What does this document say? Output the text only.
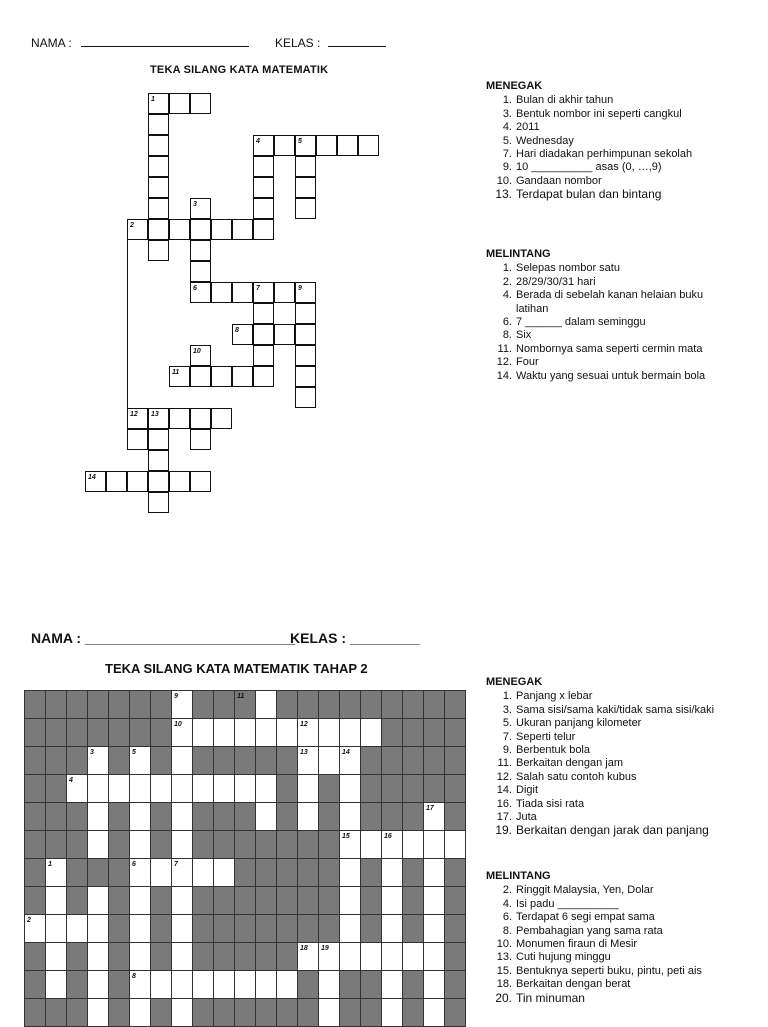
NAMA :	KELAS :
TEKA SILANG KATA MATEMATIK
1
4	5
3
2
6	7	9
8
10
11
12 13
14
MENEGAK
1. Bulan di akhir tahun
3. Bentuk nombor ini seperti cangkul
4. 2011
5. Wednesday
7. Hari diadakan perhimpunan sekolah
9. 10 __________ asas (0, …,9)
10. Gandaan nombor
13. Terdapat bulan dan bintang
MELINTANG
1. Selepas nombor satu
2. 28/29/30/31 hari
4. Berada di sebelah kanan helaian buku latihan
6. 7 ______ dalam seminggu
8. Six
11. Nombornya sama seperti cermin mata
12. Four
14. Waktu yang sesuai untuk bermain bola
NAMA : ___________________________
KELAS : _________
TEKA SILANG KATA MATEMATIK TAHAP 2
9	11
10	12
3	5	13	14
4
17
15	16
1	6	7
2
18 19
8
MENEGAK
1. Panjang x lebar
3. Sama sisi/sama kaki/tidak sama sisi/kaki
5. Ukuran panjang kilometer
7. Seperti telur
9. Berbentuk bola
11. Berkaitan dengan jam
12. Salah satu contoh kubus
14. Digit
16. Tiada sisi rata
17. Juta
19. Berkaitan dengan jarak dan panjang
MELINTANG
2. Ringgit Malaysia, Yen, Dolar
4. Isi padu __________
6. Terdapat 6 segi empat sama
8. Pembahagian yang sama rata
10. Monumen firaun di Mesir
13. Cuti hujung minggu
15. Bentuknya seperti buku, pintu, peti ais
18. Berkaitan dengan berat
20. Tin minuman
